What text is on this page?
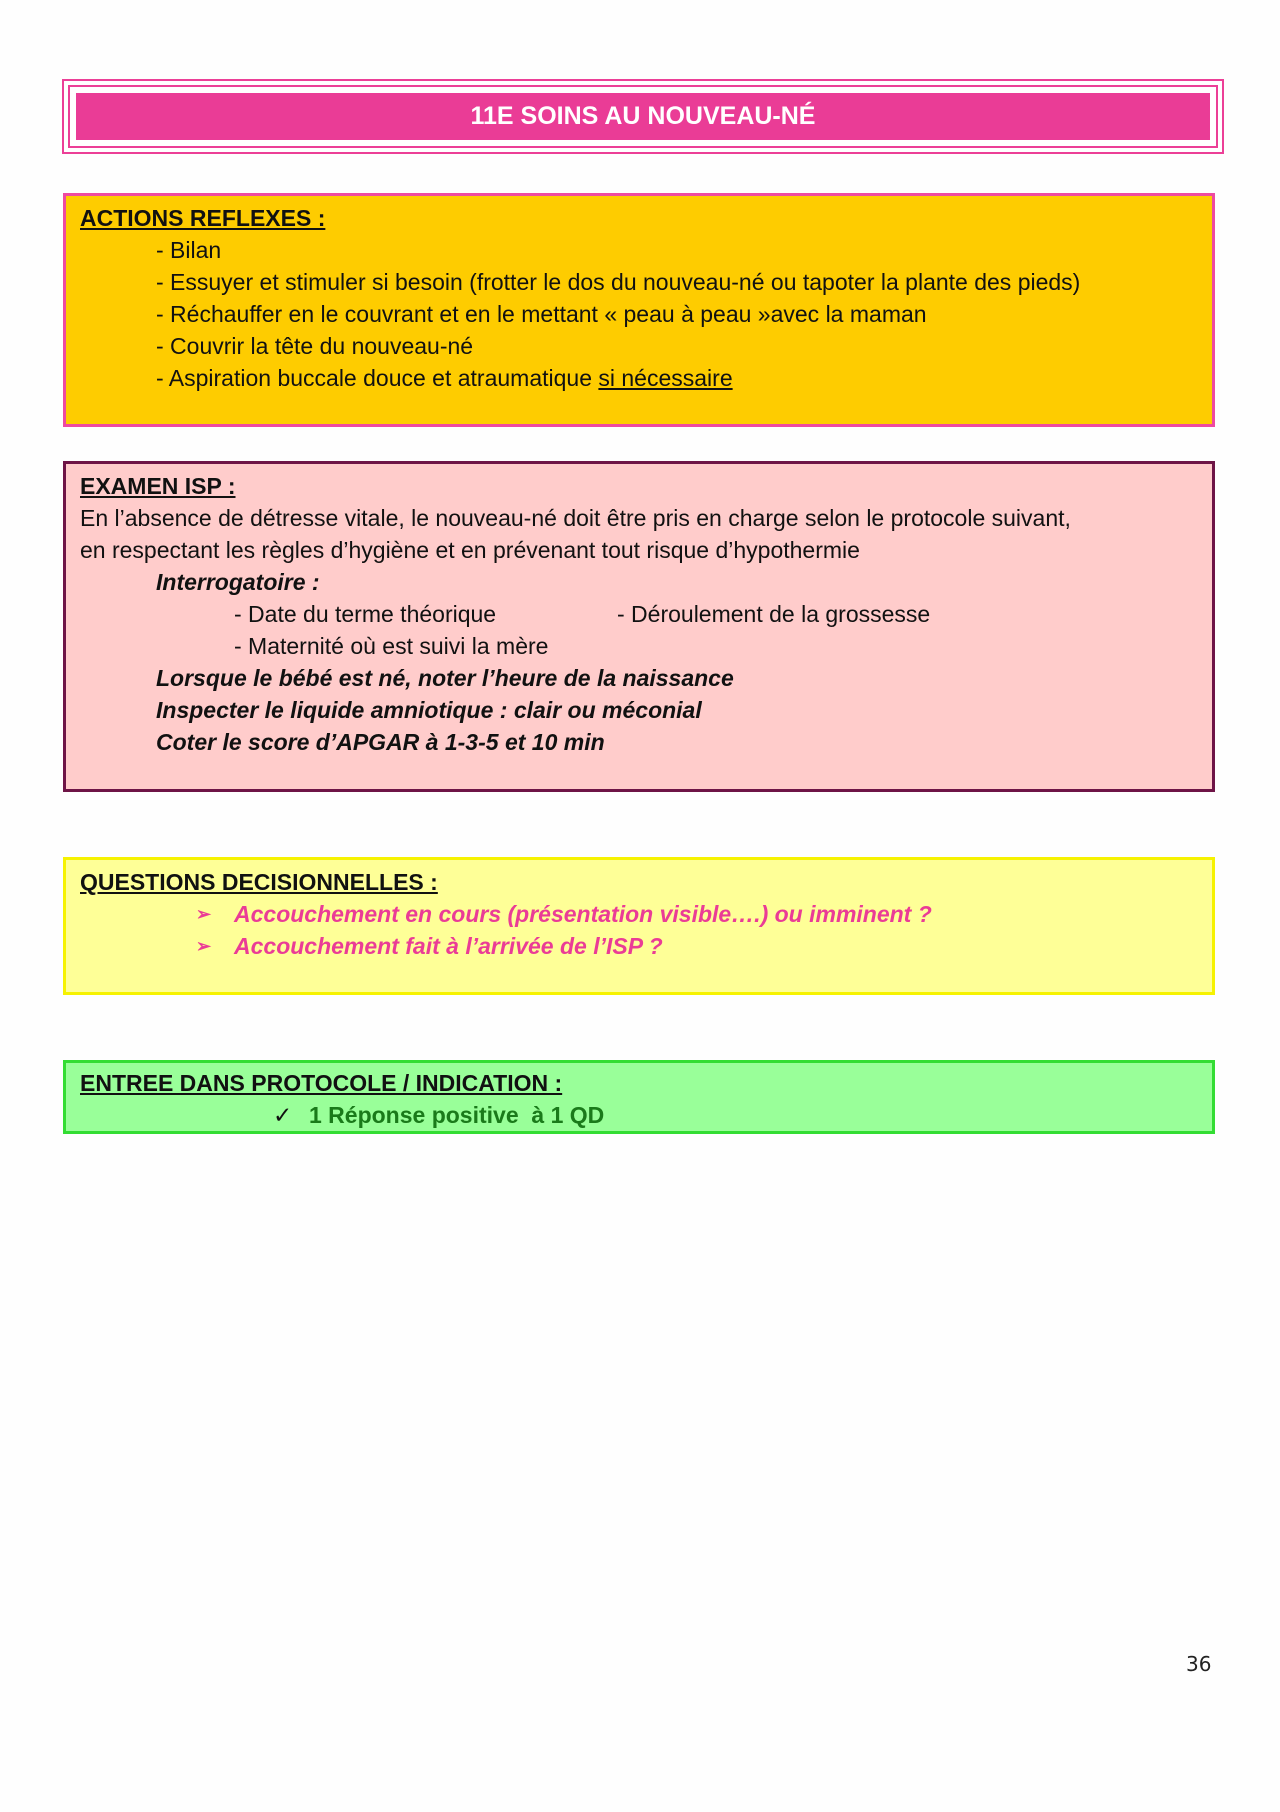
11E SOINS AU NOUVEAU-NÉ

ACTIONS REFLEXES :

- Bilan

- Essuyer et stimuler si besoin (frotter le dos du nouveau-né ou tapoter la plante des pieds)

- Réchauffer en le couvrant et en le mettant « peau à peau »avec la maman

- Couvrir la tête du nouveau-né

- Aspiration buccale douce et atraumatique si nécessaire

EXAMEN ISP :

En l’absence de détresse vitale, le nouveau-né doit être pris en charge selon le protocole suivant,

en respectant les règles d’hygiène et en prévenant tout risque d’hypothermie

Interrogatoire :

- Date du terme théorique	- Déroulement de la grossesse

- Maternité où est suivi la mère

Lorsque le bébé est né, noter l’heure de la naissance

Inspecter le liquide amniotique : clair ou méconial

Coter le score d’APGAR à 1-3-5 et 10 min

QUESTIONS DECISIONNELLES :

➢ Accouchement en cours (présentation visible….) ou imminent ?
➢ Accouchement fait à l’arrivée de l’ISP ?

ENTREE DANS PROTOCOLE / INDICATION :

✓ 1 Réponse positive  à 1 QD
36
